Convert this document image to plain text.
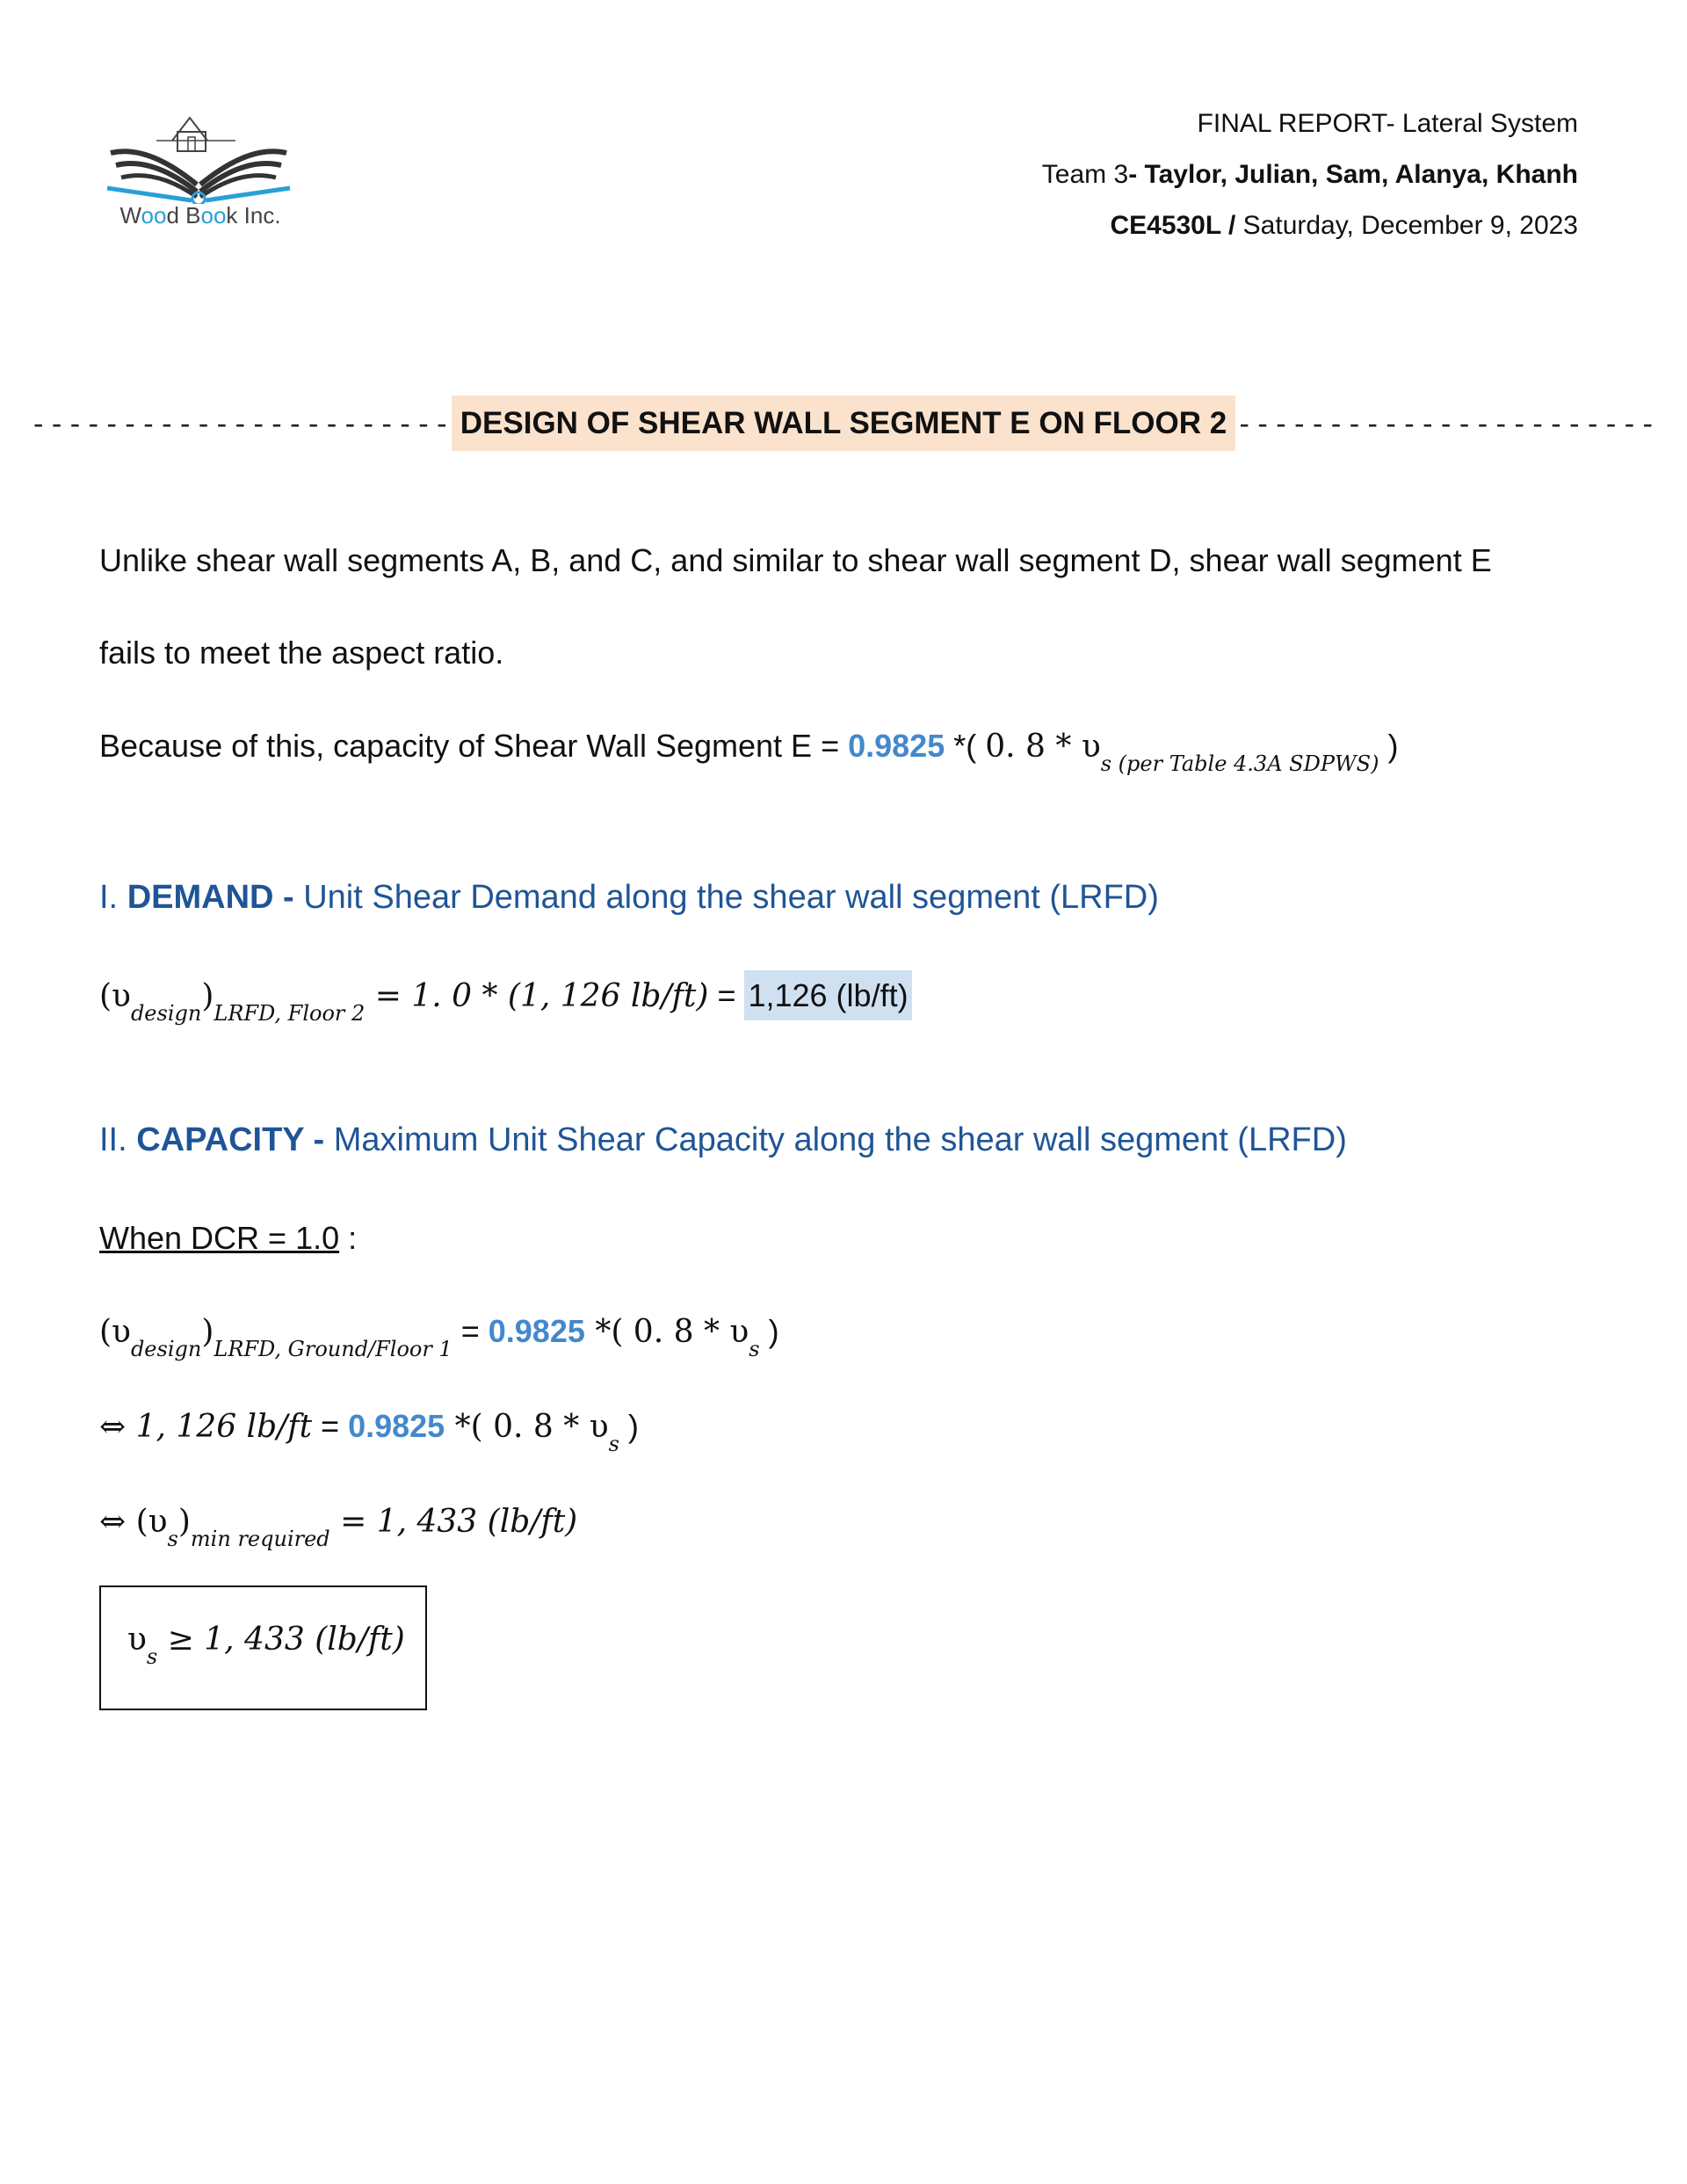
Wood Book Inc.
FINAL REPORT- Lateral System
Team 3- Taylor, Julian, Sam, Alanya, Khanh
CE4530L / Saturday, December 9, 2023
----------------------- DESIGN OF SHEAR WALL SEGMENT E ON FLOOR 2 -----------------------
Unlike shear wall segments A, B, and C, and similar to shear wall segment D, shear wall segment E
fails to meet the aspect ratio.
Because of this, capacity of Shear Wall Segment E = 0.9825 *( 0. $8 * \upsilon_{s (per Table 4.3A SDPWS)}$ )
I. DEMAND - Unit Shear Demand along the shear wall segment (LRFD)
$(\upsilon_{design})_{LRFD, Floor 2} = 1$. 0 * (1, 126 lb/ft) = 1,126 (lb/ft)
II. CAPACITY - Maximum Unit Shear Capacity along the shear wall segment (LRFD)
When DCR = 1.0 :
$(\upsilon_{design})_{LRFD, Ground/Floor 1} = 0.9825$ *( 0. $8 * \upsilon_s$ )
⇔ 1, 126 lb/ft = 0.9825 *( 0. $8 * \upsilon_s$ )
⇔ $(\upsilon_s)_{min required} = 1$, 433 (lb/ft)
$\upsilon_s \ge 1$, 433 (lb/ft)
